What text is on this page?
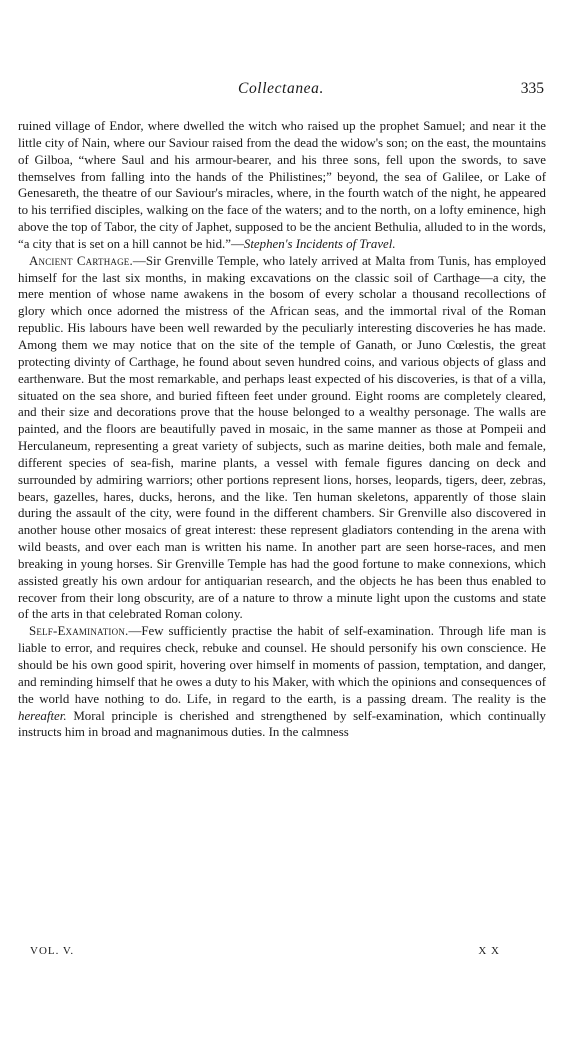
Collectanea.	335

ruined village of Endor, where dwelled the witch who raised up the prophet Samuel; and near it the little city of Nain, where our Saviour raised from the dead the widow's son; on the east, the mountains of Gilboa, “where Saul and his armour-bearer, and his three sons, fell upon the swords, to save themselves from falling into the hands of the Philistines;” beyond, the sea of Galilee, or Lake of Genesareth, the theatre of our Saviour's miracles, where, in the fourth watch of the night, he appeared to his terrified disciples, walking on the face of the waters; and to the north, on a lofty eminence, high above the top of Tabor, the city of Japhet, supposed to be the ancient Bethulia, alluded to in the words, “a city that is set on a hill cannot be hid.”—Stephen's Incidents of Travel.

Ancient Carthage.—Sir Grenville Temple, who lately arrived at Malta from Tunis, has employed himself for the last six months, in making excavations on the classic soil of Carthage—a city, the mere mention of whose name awakens in the bosom of every scholar a thousand recollections of glory which once adorned the mistress of the African seas, and the immortal rival of the Roman republic. His labours have been well rewarded by the peculiarly interesting discoveries he has made. Among them we may notice that on the site of the temple of Ganath, or Juno Cœlestis, the great protecting divinty of Carthage, he found about seven hundred coins, and various objects of glass and earthenware. But the most remarkable, and perhaps least expected of his discoveries, is that of a villa, situated on the sea shore, and buried fifteen feet under ground. Eight rooms are completely cleared, and their size and decorations prove that the house belonged to a wealthy personage. The walls are painted, and the floors are beautifully paved in mosaic, in the same manner as those at Pompeii and Herculaneum, representing a great variety of subjects, such as marine deities, both male and female, different species of sea-fish, marine plants, a vessel with female figures dancing on deck and surrounded by admiring warriors; other portions represent lions, horses, leopards, tigers, deer, zebras, bears, gazelles, hares, ducks, herons, and the like. Ten human skeletons, apparently of those slain during the assault of the city, were found in the different chambers. Sir Grenville also discovered in another house other mosaics of great interest: these represent gladiators contending in the arena with wild beasts, and over each man is written his name. In another part are seen horse-races, and men breaking in young horses. Sir Grenville Temple has had the good fortune to make connexions, which assisted greatly his own ardour for antiquarian research, and the objects he has been thus enabled to recover from their long obscurity, are of a nature to throw a minute light upon the customs and state of the arts in that celebrated Roman colony.

Self-Examination.—Few sufficiently practise the habit of self-examination. Through life man is liable to error, and requires check, rebuke and counsel. He should personify his own conscience. He should be his own good spirit, hovering over himself in moments of passion, temptation, and danger, and reminding himself that he owes a duty to his Maker, with which the opinions and consequences of the world have nothing to do. Life, in regard to the earth, is a passing dream. The reality is the hereafter. Moral principle is cherished and strengthened by self-examination, which continually instructs him in broad and magnanimous duties. In the calmness

VOL. V.	X X
